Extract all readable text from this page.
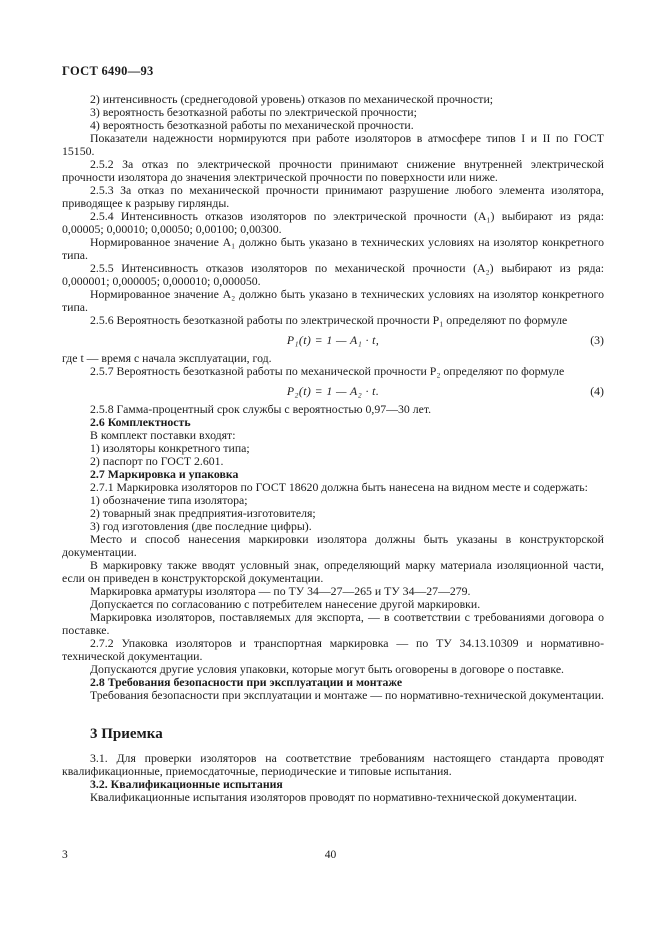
ГОСТ 6490—93

2) интенсивность (среднегодовой уровень) отказов по механической прочности;

3) вероятность безотказной работы по электрической прочности;

4) вероятность безотказной работы по механической прочности.

Показатели надежности нормируются при работе изоляторов в атмосфере типов I и II по ГОСТ 15150.

2.5.2 За отказ по электрической прочности принимают снижение внутренней электрической прочности изолятора до значения электрической прочности по поверхности или ниже.

2.5.3 За отказ по механической прочности принимают разрушение любого элемента изолятора, приводящее к разрыву гирлянды.

2.5.4 Интенсивность отказов изоляторов по электрической прочности (A₁) выбирают из ряда: 0,00005; 0,00010; 0,00050; 0,00100; 0,00300.

Нормированное значение A₁ должно быть указано в технических условиях на изолятор конкретного типа.

2.5.5 Интенсивность отказов изоляторов по механической прочности (A₂) выбирают из ряда: 0,000001; 0,000005; 0,000010; 0,000050.

Нормированное значение A₂ должно быть указано в технических условиях на изолятор конкретного типа.

2.5.6 Вероятность безотказной работы по электрической прочности P₁ определяют по формуле

P₁(t) = 1 — A₁ · t,	(3)

где t — время с начала эксплуатации, год.

2.5.7 Вероятность безотказной работы по механической прочности P₂ определяют по формуле

P₂(t) = 1 — A₂ · t.	(4)

2.5.8 Гамма-процентный срок службы с вероятностью 0,97—30 лет.

2.6 Комплектность

В комплект поставки входят:

1) изоляторы конкретного типа;

2) паспорт по ГОСТ 2.601.

2.7 Маркировка и упаковка

2.7.1 Маркировка изоляторов по ГОСТ 18620 должна быть нанесена на видном месте и содержать:

1) обозначение типа изолятора;

2) товарный знак предприятия-изготовителя;

3) год изготовления (две последние цифры).

Место и способ нанесения маркировки изолятора должны быть указаны в конструкторской документации.

В маркировку также вводят условный знак, определяющий марку материала изоляционной части, если он приведен в конструкторской документации.

Маркировка арматуры изолятора — по ТУ 34—27—265 и ТУ 34—27—279.

Допускается по согласованию с потребителем нанесение другой маркировки.

Маркировка изоляторов, поставляемых для экспорта, — в соответствии с требованиями договора о поставке.

2.7.2 Упаковка изоляторов и транспортная маркировка — по ТУ 34.13.10309 и нормативно-технической документации.

Допускаются другие условия упаковки, которые могут быть оговорены в договоре о поставке.

2.8 Требования безопасности при эксплуатации и монтаже

Требования безопасности при эксплуатации и монтаже — по нормативно-технической документации.

3 Приемка

3.1. Для проверки изоляторов на соответствие требованиям настоящего стандарта проводят квалификационные, приемосдаточные, периодические и типовые испытания.

3.2. Квалификационные испытания

Квалификационные испытания изоляторов проводят по нормативно-технической документации.

3	40
